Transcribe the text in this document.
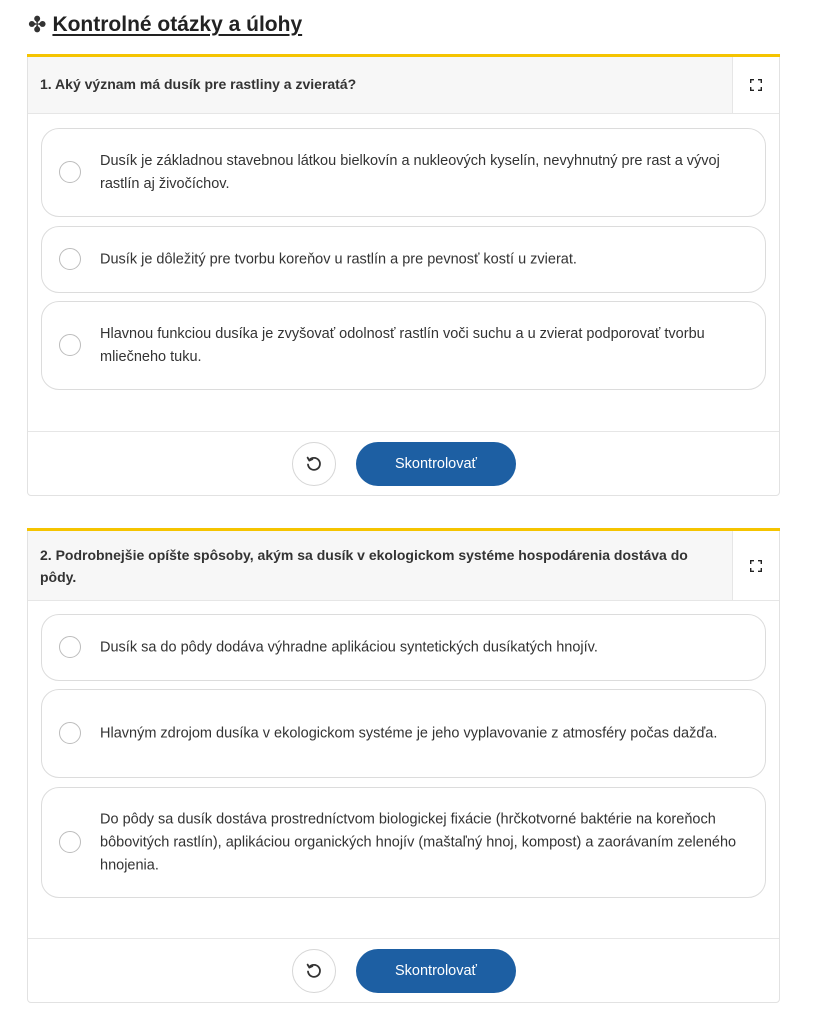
✤ Kontrolné otázky a úlohy
1. Aký význam má dusík pre rastliny a zvieratá?
Dusík je základnou stavebnou látkou bielkovín a nukleových kyselín, nevyhnutný pre rast a vývoj rastlín aj živočíchov.
Dusík je dôležitý pre tvorbu koreňov u rastlín a pre pevnosť kostí u zvierat.
Hlavnou funkciou dusíka je zvyšovať odolnosť rastlín voči suchu a u zvierat podporovať tvorbu mliečneho tuku.
Skontrolovať
2. Podrobnejšie opíšte spôsoby, akým sa dusík v ekologickom systéme hospodárenia dostáva do pôdy.
Dusík sa do pôdy dodáva výhradne aplikáciou syntetických dusíkatých hnojív.
Hlavným zdrojom dusíka v ekologickom systéme je jeho vyplavovanie z atmosféry počas dažďa.
Do pôdy sa dusík dostáva prostredníctvom biologickej fixácie (hrčkotvorné baktérie na koreňoch bôbovitých rastlín), aplikáciou organických hnojív (maštaľný hnoj, kompost) a zaorávaním zeleného hnojenia.
Skontrolovať
